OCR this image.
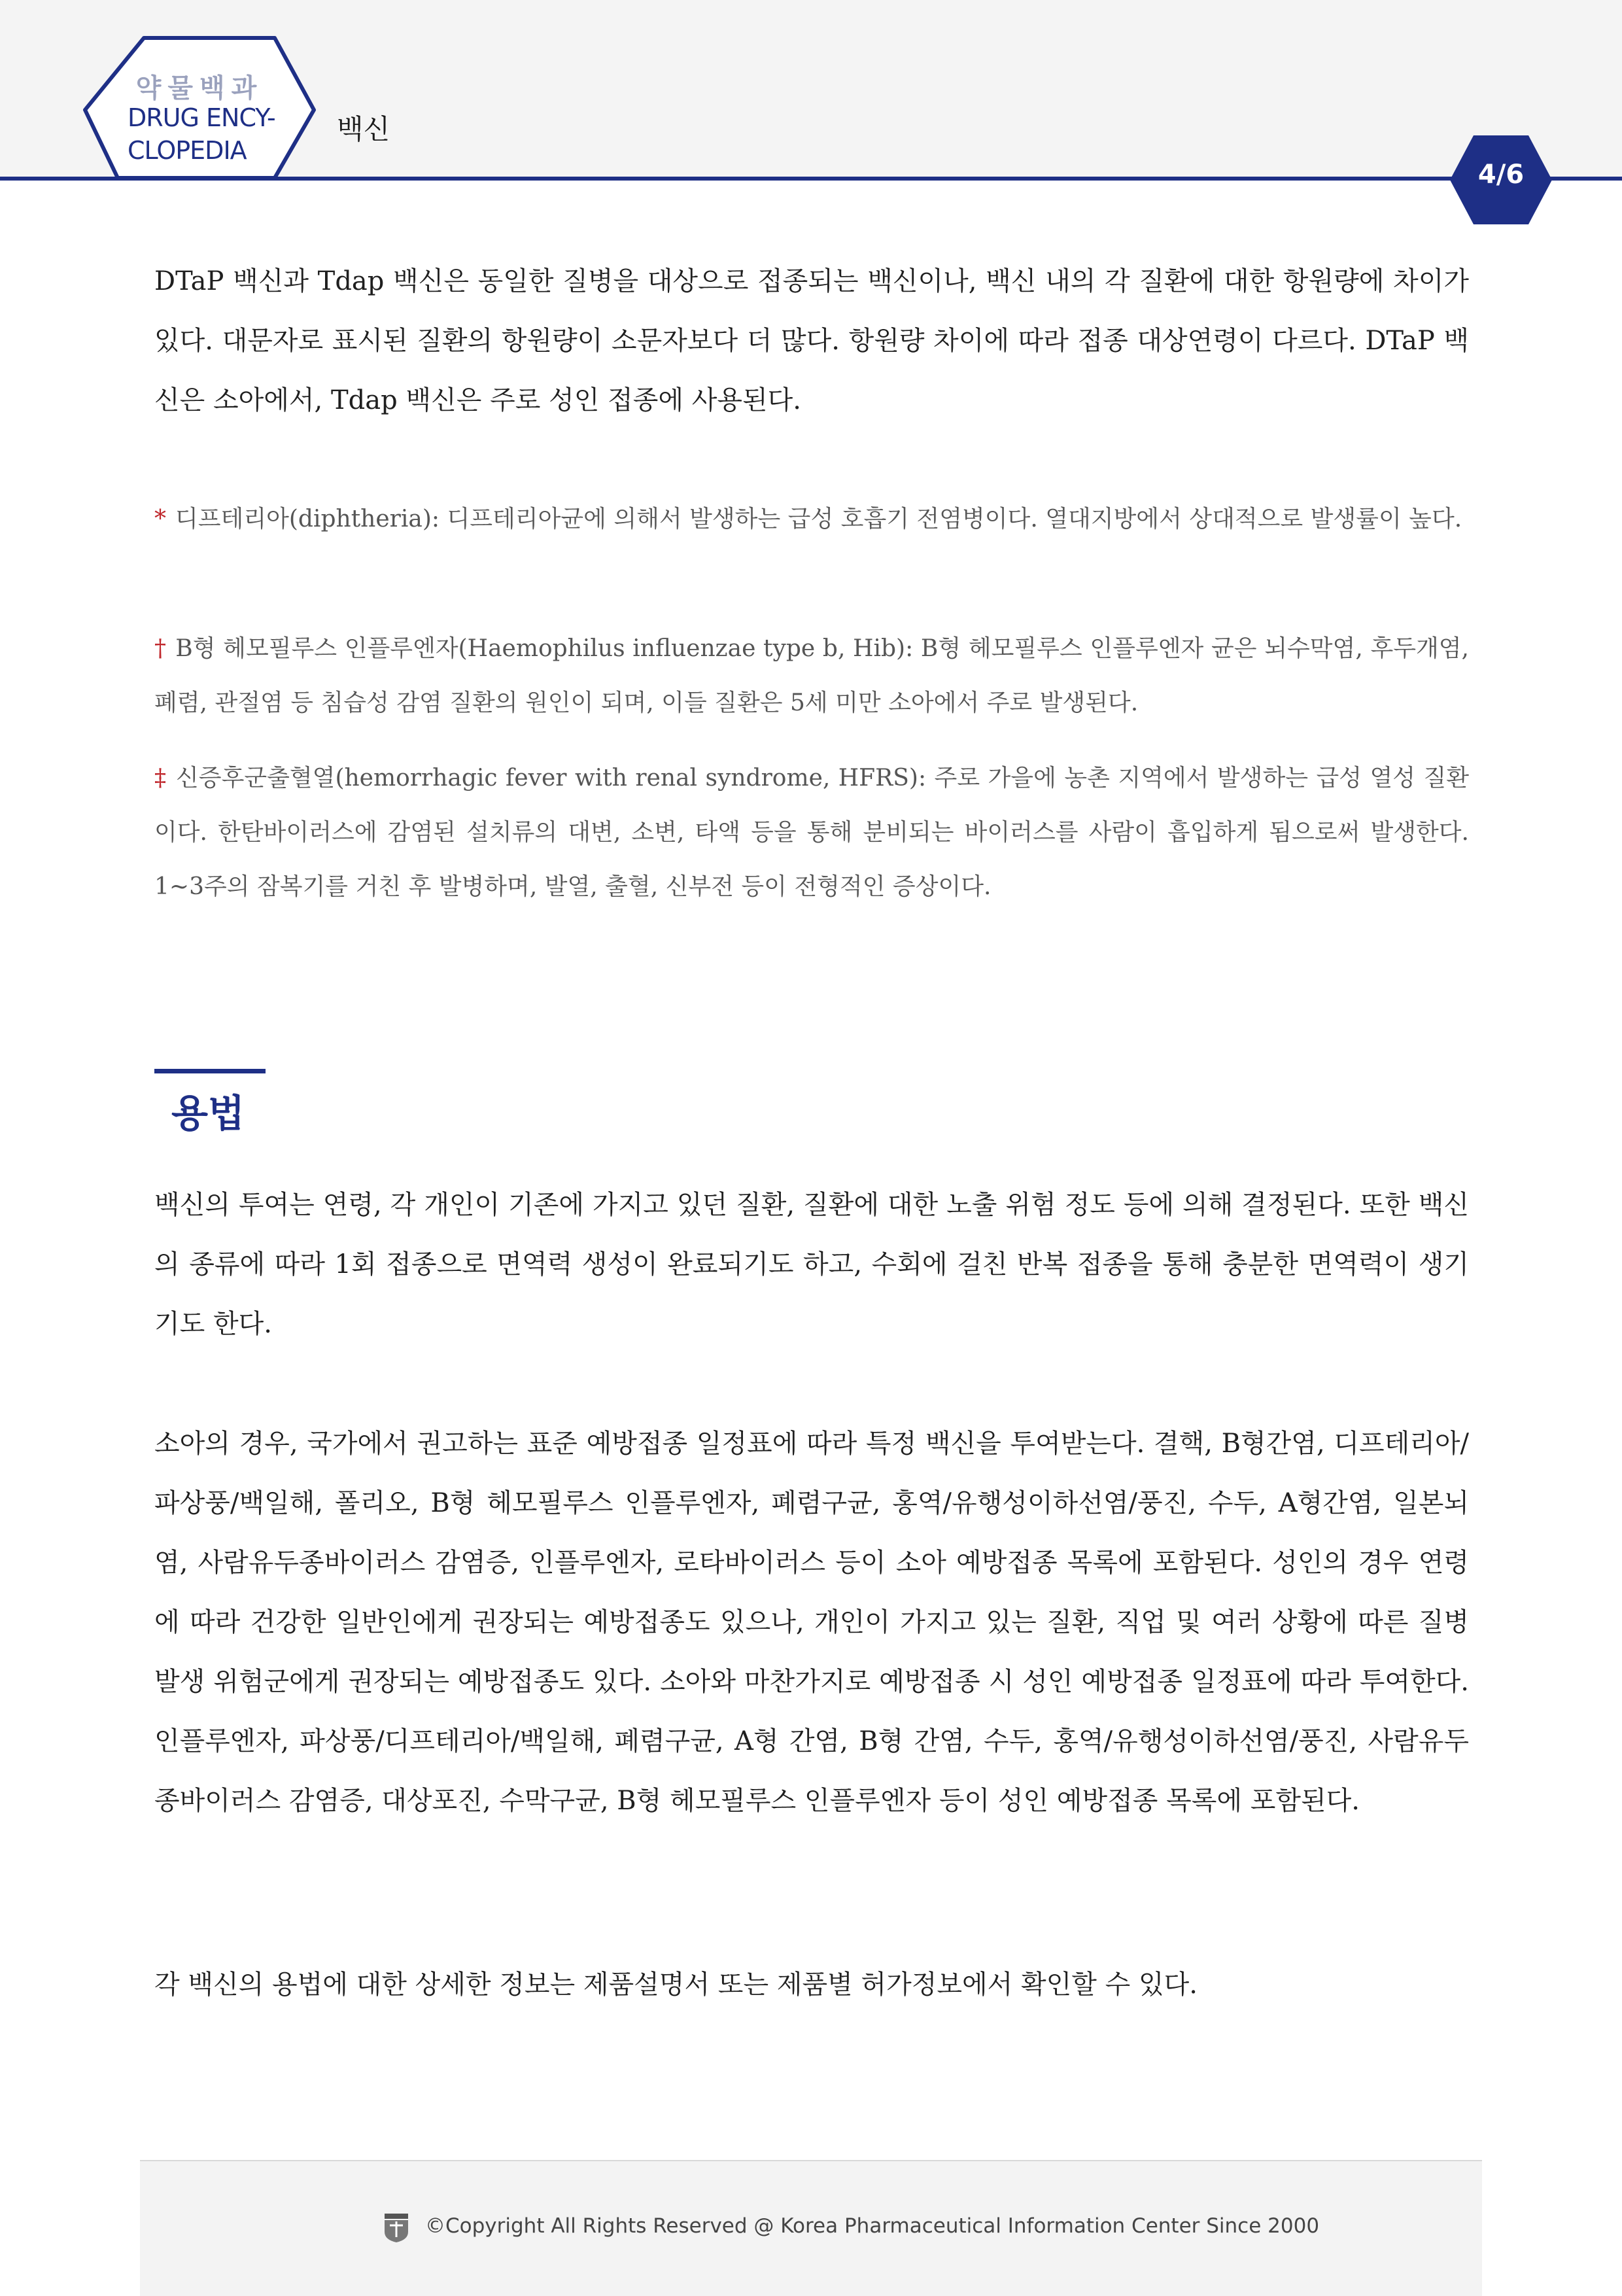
약물백과
DRUG ENCY-
CLOPEDIA
백신
4/6

DTaP 백신과 Tdap 백신은 동일한 질병을 대상으로 접종되는 백신이나, 백신 내의 각 질환에 대한 항원량에 차이가 있다. 대문자로 표시된 질환의 항원량이 소문자보다 더 많다. 항원량 차이에 따라 접종 대상연령이 다르다. DTaP 백신은 소아에서, Tdap 백신은 주로 성인 접종에 사용된다.

* 디프테리아(diphtheria): 디프테리아균에 의해서 발생하는 급성 호흡기 전염병이다. 열대지방에서 상대적으로 발생률이 높다.

† B형 헤모필루스 인플루엔자(Haemophilus influenzae type b, Hib): B형 헤모필루스 인플루엔자 균은 뇌수막염, 후두개염, 폐렴, 관절염 등 침습성 감염 질환의 원인이 되며, 이들 질환은 5세 미만 소아에서 주로 발생된다.

‡ 신증후군출혈열(hemorrhagic fever with renal syndrome, HFRS): 주로 가을에 농촌 지역에서 발생하는 급성 열성 질환이다. 한탄바이러스에 감염된 설치류의 대변, 소변, 타액 등을 통해 분비되는 바이러스를 사람이 흡입하게 됨으로써 발생한다. 1~3주의 잠복기를 거친 후 발병하며, 발열, 출혈, 신부전 등이 전형적인 증상이다.

용법

백신의 투여는 연령, 각 개인이 기존에 가지고 있던 질환, 질환에 대한 노출 위험 정도 등에 의해 결정된다. 또한 백신의 종류에 따라 1회 접종으로 면역력 생성이 완료되기도 하고, 수회에 걸친 반복 접종을 통해 충분한 면역력이 생기기도 한다.

소아의 경우, 국가에서 권고하는 표준 예방접종 일정표에 따라 특정 백신을 투여받는다. 결핵, B형간염, 디프테리아/파상풍/백일해, 폴리오, B형 헤모필루스 인플루엔자, 폐렴구균, 홍역/유행성이하선염/풍진, 수두, A형간염, 일본뇌염, 사람유두종바이러스 감염증, 인플루엔자, 로타바이러스 등이 소아 예방접종 목록에 포함된다. 성인의 경우 연령에 따라 건강한 일반인에게 권장되는 예방접종도 있으나, 개인이 가지고 있는 질환, 직업 및 여러 상황에 따른 질병 발생 위험군에게 권장되는 예방접종도 있다. 소아와 마찬가지로 예방접종 시 성인 예방접종 일정표에 따라 투여한다. 인플루엔자, 파상풍/디프테리아/백일해, 폐렴구균, A형 간염, B형 간염, 수두, 홍역/유행성이하선염/풍진, 사람유두종바이러스 감염증, 대상포진, 수막구균, B형 헤모필루스 인플루엔자 등이 성인 예방접종 목록에 포함된다.

각 백신의 용법에 대한 상세한 정보는 제품설명서 또는 제품별 허가정보에서 확인할 수 있다.

©Copyright All Rights Reserved @ Korea Pharmaceutical Information Center Since 2000
